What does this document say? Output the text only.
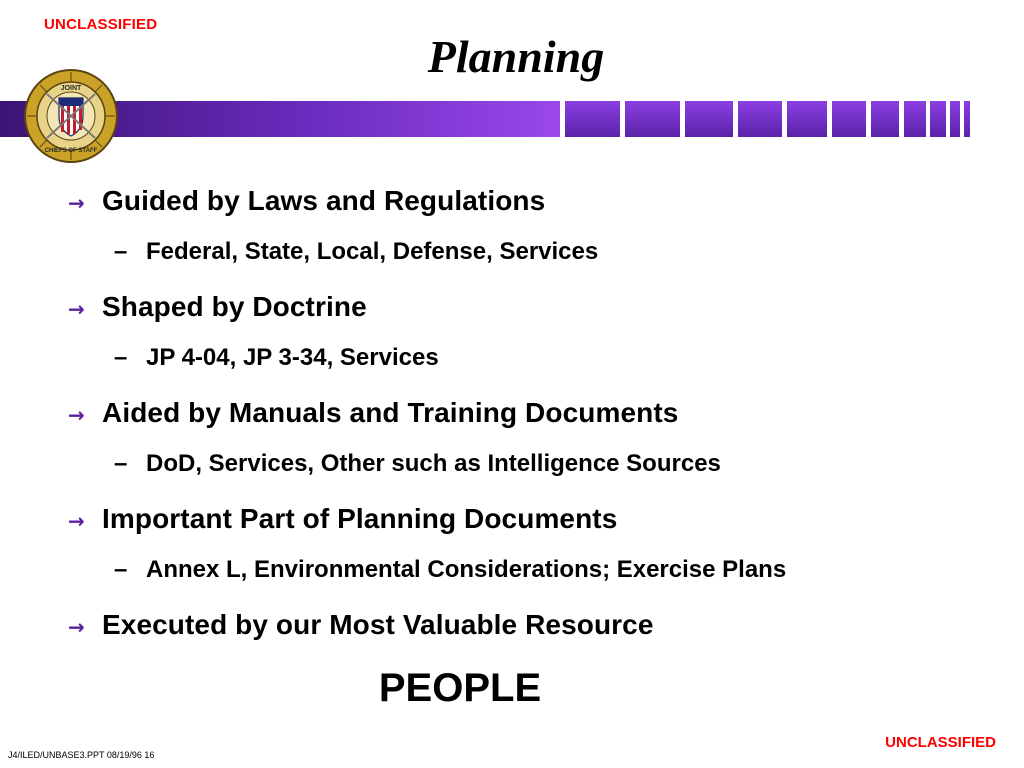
UNCLASSIFIED
Planning
JOINT
CHIEFS OF STAFF
→ Guided by Laws and Regulations
– Federal, State, Local, Defense, Services
→ Shaped by Doctrine
– JP 4-04, JP 3-34, Services
→ Aided by Manuals and Training Documents
– DoD, Services, Other such as Intelligence Sources
→ Important Part of Planning Documents
– Annex L, Environmental Considerations; Exercise Plans
→ Executed by our Most Valuable Resource
PEOPLE
J4/ILED/UNBASE3.PPT 08/19/96 16
UNCLASSIFIED
